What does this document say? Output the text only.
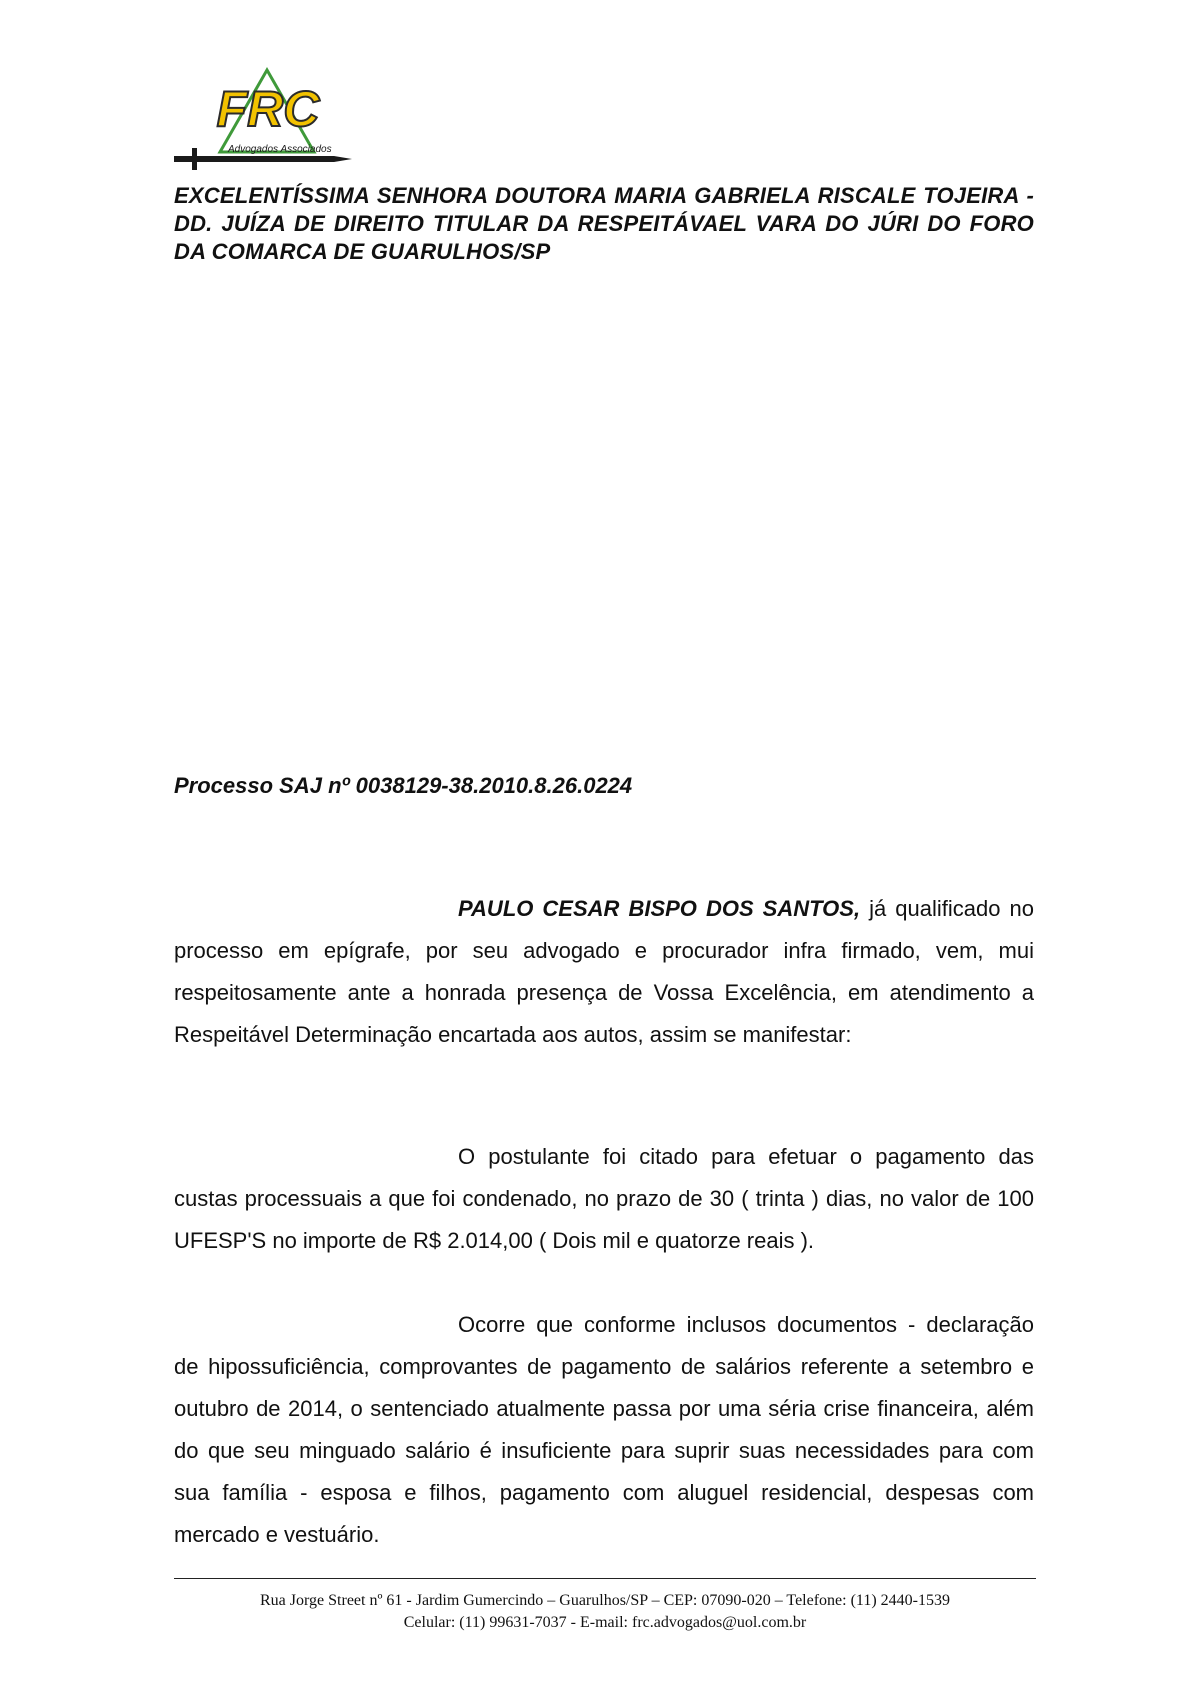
FRC
Advogados Associados
EXCELENTÍSSIMA SENHORA DOUTORA MARIA GABRIELA RISCALE TOJEIRA - DD. JUÍZA DE DIREITO TITULAR DA RESPEITÁVAEL VARA DO JÚRI DO FORO DA COMARCA DE GUARULHOS/SP
Processo SAJ nº 0038129-38.2010.8.26.0224
PAULO CESAR BISPO DOS SANTOS, já qualificado no processo em epígrafe, por seu advogado e procurador infra firmado, vem, mui respeitosamente ante a honrada presença de Vossa Excelência, em atendimento a Respeitável Determinação encartada aos autos, assim se manifestar:
O postulante foi citado para efetuar o pagamento das custas processuais a que foi condenado, no prazo de 30 ( trinta ) dias, no valor de 100 UFESP'S no importe de R$ 2.014,00 ( Dois mil e quatorze reais ).
Ocorre que conforme inclusos documentos - declaração de hipossuficiência, comprovantes de pagamento de salários referente a setembro e outubro de 2014, o sentenciado atualmente passa por uma séria crise financeira, além do que seu minguado salário é insuficiente para suprir suas necessidades para com sua família - esposa e filhos, pagamento com aluguel residencial, despesas com mercado e vestuário.
Rua Jorge Street nº 61 - Jardim Gumercindo – Guarulhos/SP – CEP: 07090-020 – Telefone: (11) 2440-1539
Celular: (11) 99631-7037 - E-mail: frc.advogados@uol.com.br
